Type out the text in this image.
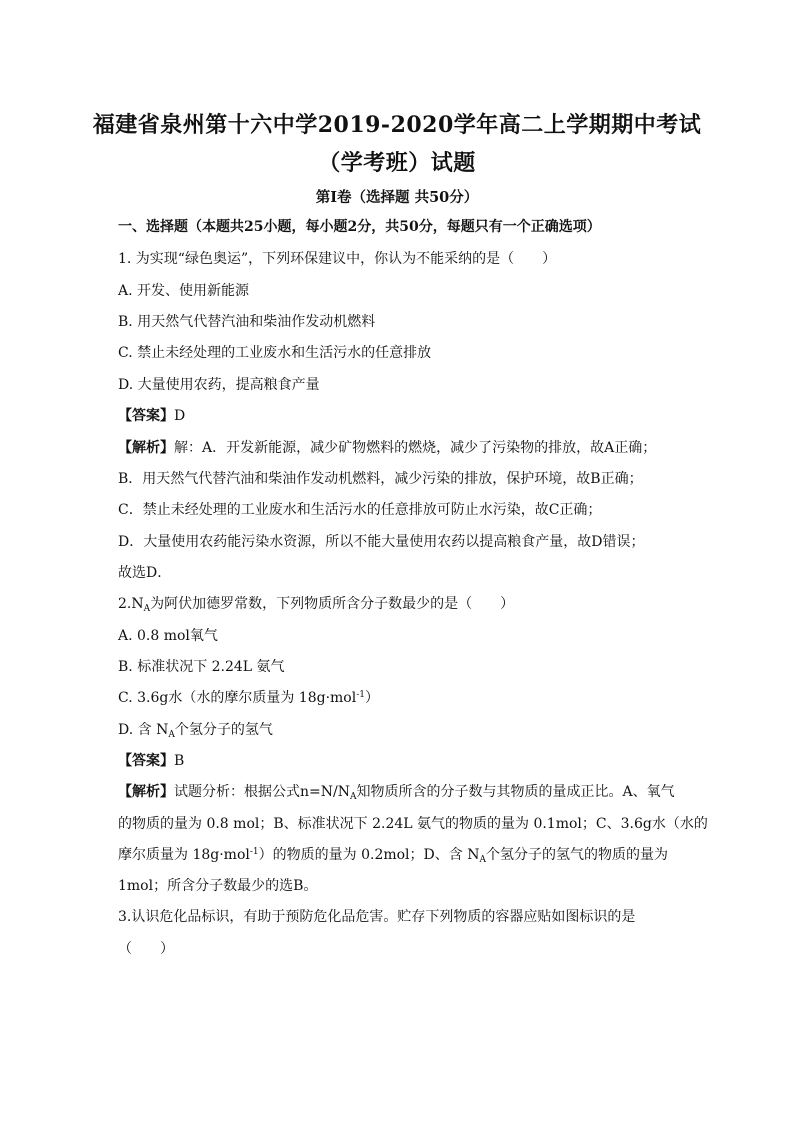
福建省泉州第十六中学2019-2020学年高二上学期期中考试
（学考班）试题
第Ⅰ卷（选择题 共50分）
一、选择题（本题共25小题，每小题2分，共50分，每题只有一个正确选项）
1. 为实现“绿色奥运”，下列环保建议中，你认为不能采纳的是（　　）
A. 开发、使用新能源
B. 用天然气代替汽油和柴油作发动机燃料
C. 禁止未经处理的工业废水和生活污水的任意排放
D. 大量使用农药，提高粮食产量
【答案】D
【解析】解：A．开发新能源，减少矿物燃料的燃烧，减少了污染物的排放，故A正确；
B．用天然气代替汽油和柴油作发动机燃料，减少污染的排放，保护环境，故B正确；
C．禁止未经处理的工业废水和生活污水的任意排放可防止水污染，故C正确；
D．大量使用农药能污染水资源，所以不能大量使用农药以提高粮食产量，故D错误；
故选D．
$2.N_A$为阿伏加德罗常数，下列物质所含分子数最少的是（　　）
A. 0.8 mol氧气
B. 标准状况下 2.24L 氨气
C. 3.6g水（水的摩尔质量为 18g·mol$^{-1}$）
D. 含 $N_A$个氢分子的氢气
【答案】B
【解析】试题分析：根据公式$n=N/N_A$知物质所含的分子数与其物质的量成正比。A、氧气
的物质的量为 0.8 mol；B、标准状况下 2.24L 氨气的物质的量为 0.1mol；C、3.6g水（水的
摩尔质量为 18g·mol$^{-1}$）的物质的量为 0.2mol；D、含 $N_A$个氢分子的氢气的物质的量为
1mol；所含分子数最少的选B。
3.认识危化品标识，有助于预防危化品危害。贮存下列物质的容器应贴如图标识的是
（　　）
